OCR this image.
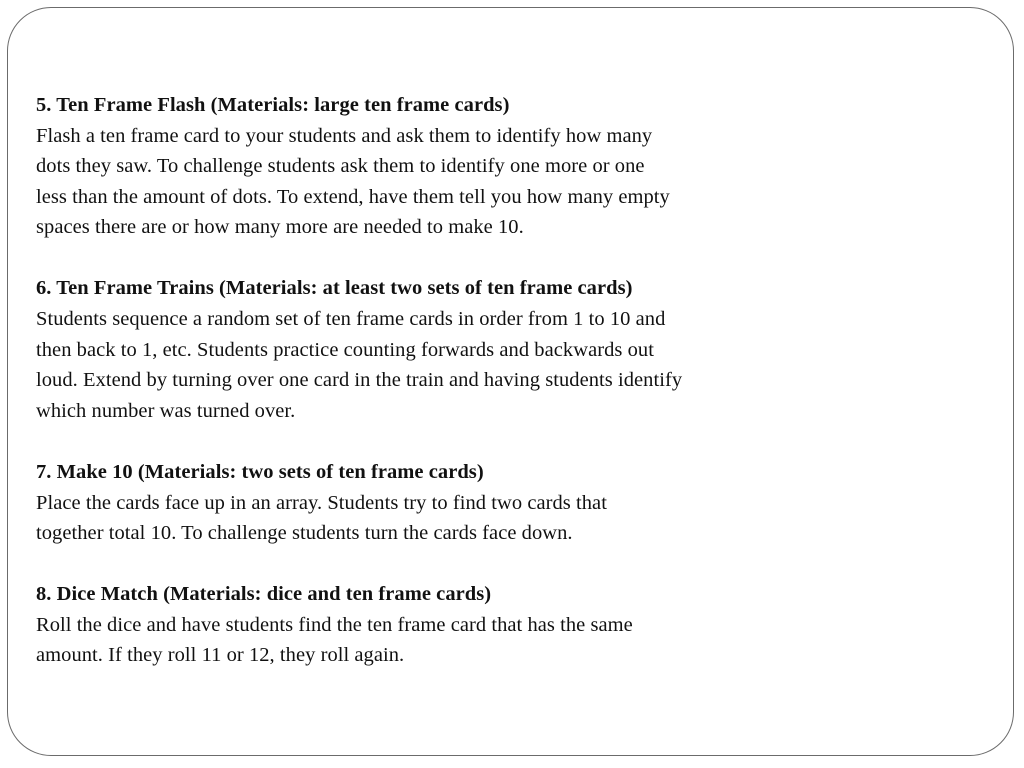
5. Ten Frame Flash (Materials: large ten frame cards)
Flash a ten frame card to your students and ask them to identify how many
dots they saw. To challenge students ask them to identify one more or one
less than the amount of dots. To extend, have them tell you how many empty
spaces there are or how many more are needed to make 10.
6. Ten Frame Trains (Materials: at least two sets of ten frame cards)
Students sequence a random set of ten frame cards in order from 1 to 10 and
then back to 1, etc. Students practice counting forwards and backwards out
loud. Extend by turning over one card in the train and having students identify
which number was turned over.
7. Make 10 (Materials: two sets of ten frame cards)
Place the cards face up in an array. Students try to find two cards that
together total 10. To challenge students turn the cards face down.
8. Dice Match (Materials: dice and ten frame cards)
Roll the dice and have students find the ten frame card that has the same
amount. If they roll 11 or 12, they roll again.
